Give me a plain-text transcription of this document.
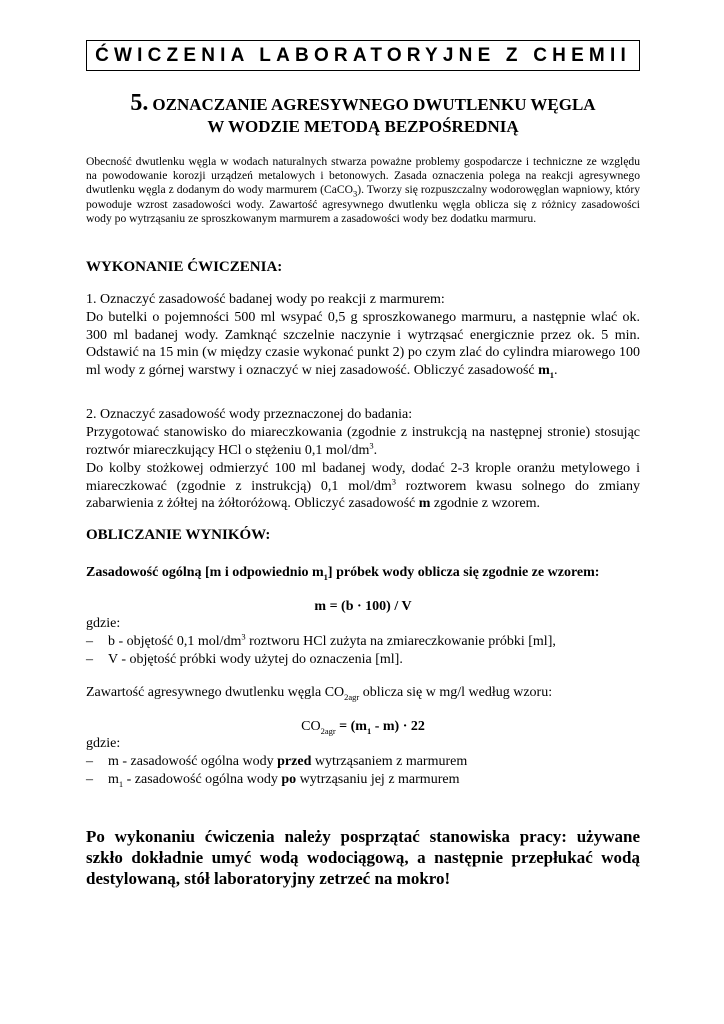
ĆWICZENIA LABORATORYJNE Z CHEMII
5. OZNACZANIE AGRESYWNEGO DWUTLENKU WĘGLA
W WODZIE METODĄ BEZPOŚREDNIĄ
Obecność dwutlenku węgla w wodach naturalnych stwarza poważne problemy gospodarcze i techniczne ze względu na powodowanie korozji urządzeń metalowych i betonowych. Zasada oznaczenia polega na reakcji agresywnego dwutlenku węgla z dodanym do wody marmurem (CaCO$_3$). Tworzy się rozpuszczalny wodorowęglan wapniowy, który powoduje wzrost zasadowości wody. Zawartość agresywnego dwutlenku węgla oblicza się z różnicy zasadowości wody po wytrząsaniu ze sproszkowanym marmurem a zasadowości wody bez dodatku marmuru.
WYKONANIE ĆWICZENIA:
1. Oznaczyć zasadowość badanej wody po reakcji z marmurem:
Do butelki o pojemności 500 ml wsypać 0,5 g sproszkowanego marmuru, a następnie wlać ok. 300 ml badanej wody. Zamknąć szczelnie naczynie i wytrząsać energicznie przez ok. 5 min. Odstawić na 15 min (w między czasie wykonać punkt 2) po czym zlać do cylindra miarowego 100 ml wody z górnej warstwy i oznaczyć w niej zasadowość. Obliczyć zasadowość $m_1$.
2. Oznaczyć zasadowość wody przeznaczonej do badania:
Przygotować stanowisko do miareczkowania (zgodnie z instrukcją na następnej stronie) stosując roztwór miareczkujący HCl o stężeniu 0,1 mol/$dm^3$.
Do kolby stożkowej odmierzyć 100 ml badanej wody, dodać 2-3 krople oranżu metylowego i miareczkować (zgodnie z instrukcją) 0,1 mol/$dm^3$ roztworem kwasu solnego do zmiany zabarwienia z żółtej na żółtoróżową. Obliczyć zasadowość m zgodnie z wzorem.
OBLICZANIE WYNIKÓW:
Zasadowość ogólną [m i odpowiednio $m_1$] próbek wody oblicza się zgodnie ze wzorem:
m = (b · 100) / V
gdzie:
– b - objętość 0,1 mol/$dm^3$ roztworu HCl zużyta na zmiareczkowanie próbki [ml],
– V - objętość próbki wody użytej do oznaczenia [ml].
Zawartość agresywnego dwutlenku węgla $CO_{2agr}$ oblicza się w mg/l według wzoru:
$CO_{2agr} = (m_1 - m) \cdot 22$
gdzie:
– m - zasadowość ogólna wody przed wytrząsaniem z marmurem
– $m_1$ - zasadowość ogólna wody po wytrząsaniu jej z marmurem
Po wykonaniu ćwiczenia należy posprzątać stanowiska pracy: używane szkło dokładnie umyć wodą wodociągową, a następnie przepłukać wodą destylowaną, stół laboratoryjny zetrzeć na mokro!
